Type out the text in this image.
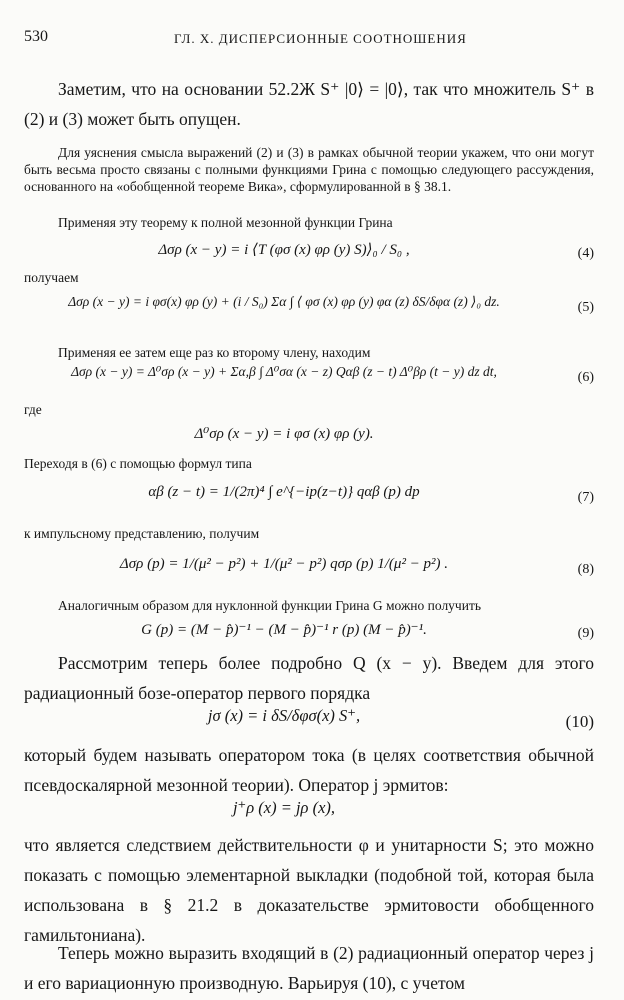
530	ГЛ. X. ДИСПЕРСИОННЫЕ СООТНОШЕНИЯ
Заметим, что на основании 52.2Ж S⁺ |0⟩ = |0⟩, так что множитель S⁺ в (2) и (3) может быть опущен.
Для уяснения смысла выражений (2) и (3) в рамках обычной теории укажем, что они могут быть весьма просто связаны с полными функциями Грина с помощью следующего рассуждения, основанного на «обобщенной теореме Вика», сформулированной в § 38.1.
Применяя эту теорему к полной мезонной функции Грина
Δσρ (x − y) = i ⟨T (φσ (x) φρ (y) S)⟩₀ / S₀ ,	(4)
получаем
Δσρ (x − y) = i φσ(x) φρ (y) + (i / S₀) Σα ∫ ⟨ φσ (x) φρ (y) φα (z) δS/δφα (z) ⟩₀ dz.	(5)
Применяя ее затем еще раз ко второму члену, находим
Δσρ (x − y) = Δ⁰σρ (x − y) + Σα,β ∫ Δ⁰σα (x − z) Qαβ (z − t) Δ⁰βρ (t − y) dz dt,	(6)
где
Δ⁰σρ (x − y) = i φσ (x) φρ (y).
Переходя в (6) с помощью формул типа
αβ (z − t) = 1/(2π)⁴ ∫ e^{−ip(z−t)} qαβ (p) dp	(7)
к импульсному представлению, получим
Δσρ (p) = 1/(μ² − p²) + 1/(μ² − p²) qσρ (p) 1/(μ² − p²) .	(8)
Аналогичным образом для нуклонной функции Грина G можно получить
G (p) = (M − p̂)⁻¹ − (M − p̂)⁻¹ r (p) (M − p̂)⁻¹.	(9)
Рассмотрим теперь более подробно Q (x − y). Введем для этого радиационный бозе-оператор первого порядка
jσ (x) = i δS/δφσ(x) S⁺,	(10)
который будем называть оператором тока (в целях соответствия обычной псевдоскалярной мезонной теории). Оператор j эрмитов:
j⁺ρ (x) = jρ (x),
что является следствием действительности φ и унитарности S; это можно показать с помощью элементарной выкладки (подобной той, которая была использована в § 21.2 в доказательстве эрмитовости обобщенного гамильтониана).
Теперь можно выразить входящий в (2) радиационный оператор через j и его вариационную производную. Варьируя (10), с учетом
